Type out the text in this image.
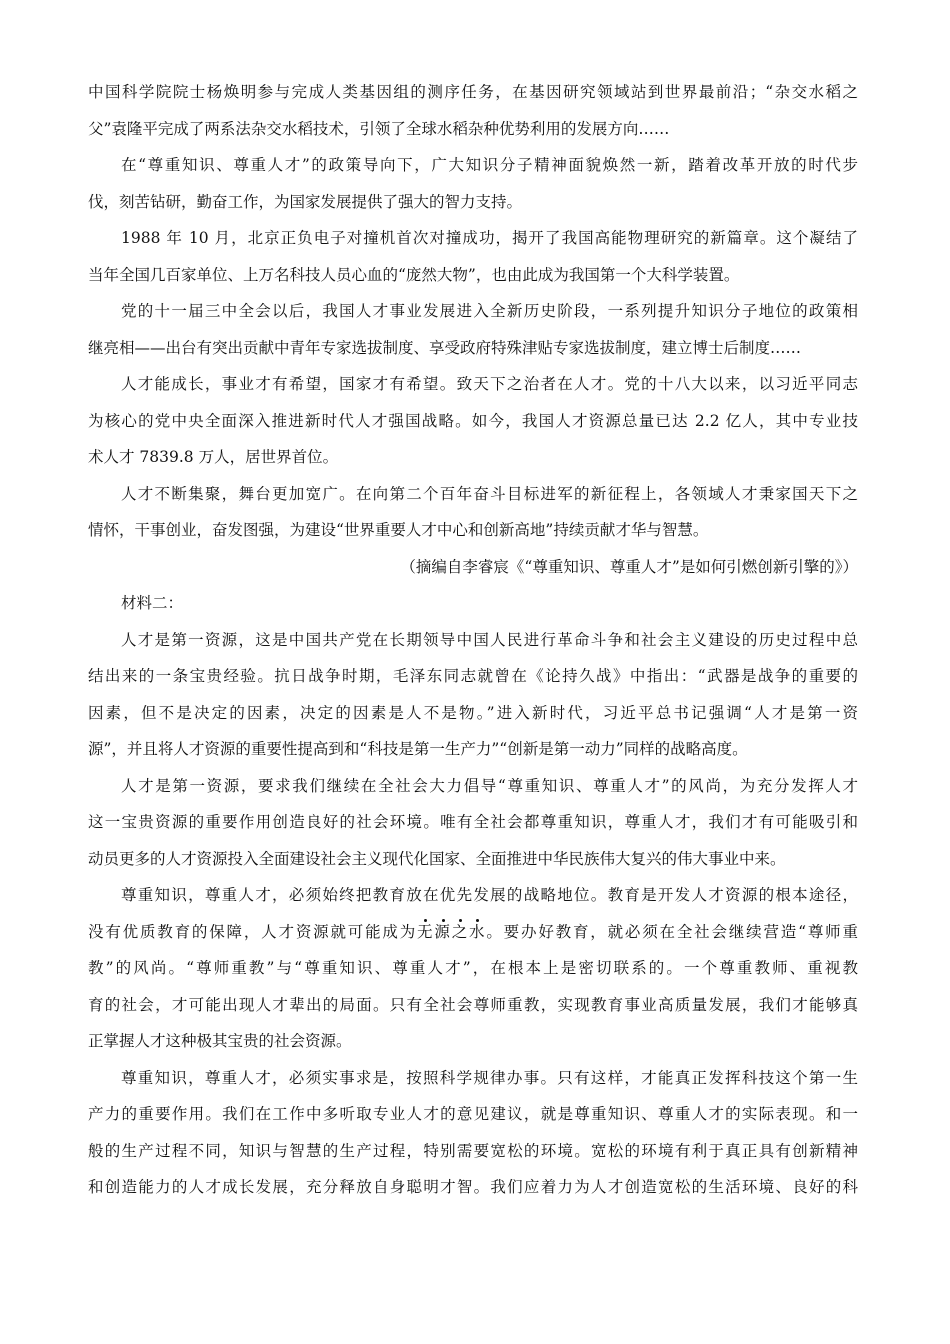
中国科学院院士杨焕明参与完成人类基因组的测序任务，在基因研究领域站到世界最前沿；“杂交水稻之

父”袁隆平完成了两系法杂交水稻技术，引领了全球水稻杂种优势利用的发展方向……

在“尊重知识、尊重人才”的政策导向下，广大知识分子精神面貌焕然一新，踏着改革开放的时代步

伐，刻苦钻研，勤奋工作，为国家发展提供了强大的智力支持。

1988 年 10 月，北京正负电子对撞机首次对撞成功，揭开了我国高能物理研究的新篇章。这个凝结了

当年全国几百家单位、上万名科技人员心血的“庞然大物”，也由此成为我国第一个大科学装置。

党的十一届三中全会以后，我国人才事业发展进入全新历史阶段，一系列提升知识分子地位的政策相

继亮相——出台有突出贡献中青年专家选拔制度、享受政府特殊津贴专家选拔制度，建立博士后制度……

人才能成长，事业才有希望，国家才有希望。致天下之治者在人才。党的十八大以来，以习近平同志

为核心的党中央全面深入推进新时代人才强国战略。如今，我国人才资源总量已达 2.2 亿人，其中专业技

术人才 7839.8 万人，居世界首位。

人才不断集聚，舞台更加宽广。在向第二个百年奋斗目标进军的新征程上，各领域人才秉家国天下之

情怀，干事创业，奋发图强，为建设“世界重要人才中心和创新高地”持续贡献才华与智慧。

（摘编自李睿宸《“尊重知识、尊重人才”是如何引燃创新引擎的》）

材料二：

人才是第一资源，这是中国共产党在长期领导中国人民进行革命斗争和社会主义建设的历史过程中总

结出来的一条宝贵经验。抗日战争时期，毛泽东同志就曾在《论持久战》中指出：“武器是战争的重要的

因素，但不是决定的因素，决定的因素是人不是物。”进入新时代，习近平总书记强调“人才是第一资

源”，并且将人才资源的重要性提高到和“科技是第一生产力”“创新是第一动力”同样的战略高度。

人才是第一资源，要求我们继续在全社会大力倡导“尊重知识、尊重人才”的风尚，为充分发挥人才

这一宝贵资源的重要作用创造良好的社会环境。唯有全社会都尊重知识，尊重人才，我们才有可能吸引和

动员更多的人才资源投入全面建设社会主义现代化国家、全面推进中华民族伟大复兴的伟大事业中来。

尊重知识，尊重人才，必须始终把教育放在优先发展的战略地位。教育是开发人才资源的根本途径，

没有优质教育的保障，人才资源就可能成为无源之水。要办好教育，就必须在全社会继续营造“尊师重

教”的风尚。“尊师重教”与“尊重知识、尊重人才”，在根本上是密切联系的。一个尊重教师、重视教

育的社会，才可能出现人才辈出的局面。只有全社会尊师重教，实现教育事业高质量发展，我们才能够真

正掌握人才这种极其宝贵的社会资源。

尊重知识，尊重人才，必须实事求是，按照科学规律办事。只有这样，才能真正发挥科技这个第一生

产力的重要作用。我们在工作中多听取专业人才的意见建议，就是尊重知识、尊重人才的实际表现。和一

般的生产过程不同，知识与智慧的生产过程，特别需要宽松的环境。宽松的环境有利于真正具有创新精神

和创造能力的人才成长发展，充分释放自身聪明才智。我们应着力为人才创造宽松的生活环境、良好的科
